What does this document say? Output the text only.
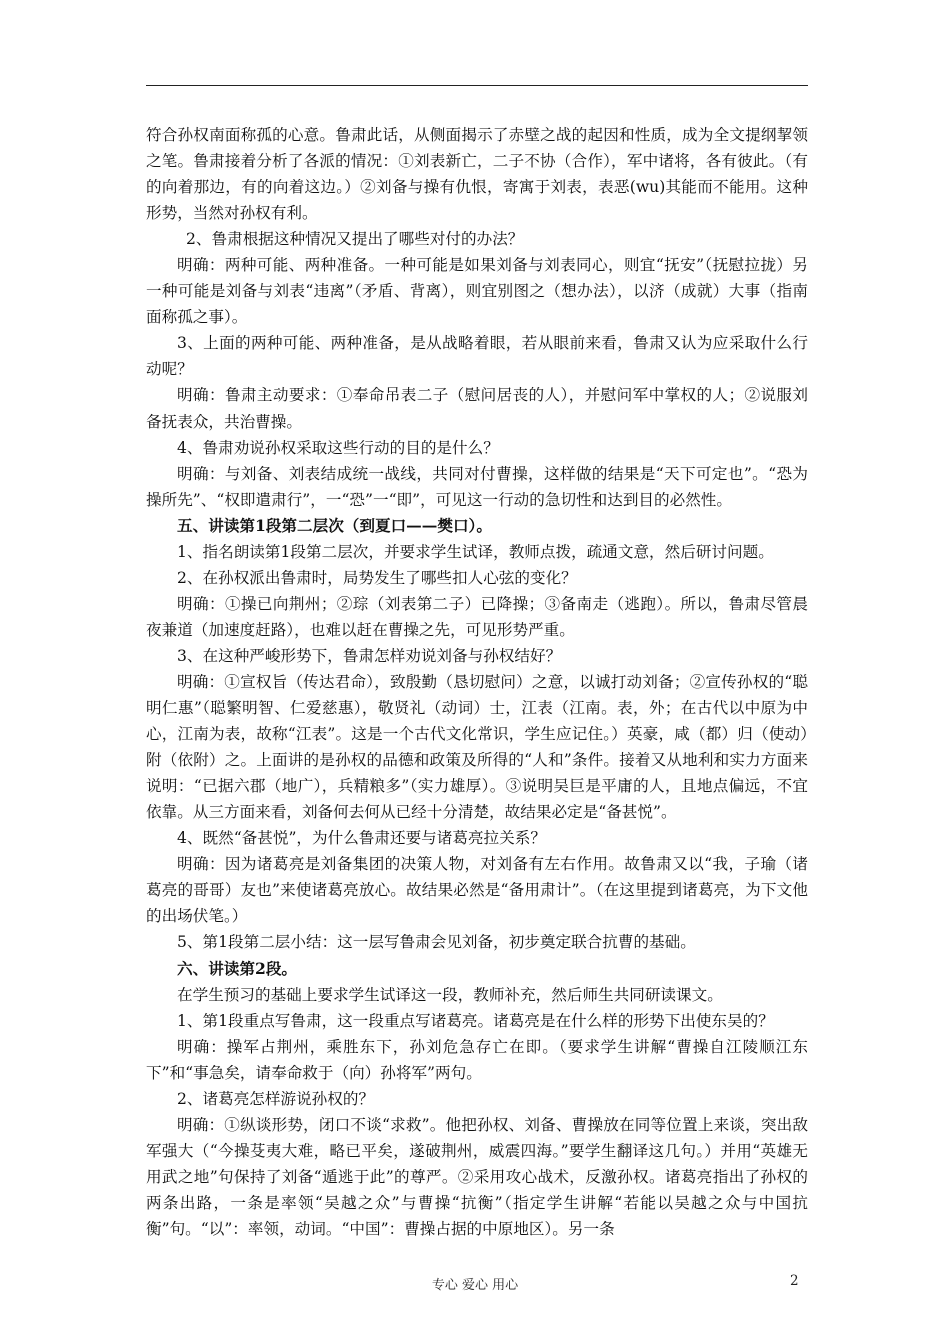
符合孙权南面称孤的心意。鲁肃此话，从侧面揭示了赤壁之战的起因和性质，成为全文提纲挈领之笔。鲁肃接着分析了各派的情况：①刘表新亡，二子不协（合作），军中诸将，各有彼此。（有的向着那边，有的向着这边。）②刘备与操有仇恨，寄寓于刘表，表恶(wu)其能而不能用。这种形势，当然对孙权有利。

2、鲁肃根据这种情况又提出了哪些对付的办法？

明确：两种可能、两种准备。一种可能是如果刘备与刘表同心，则宜“抚安”（抚慰拉拢）另一种可能是刘备与刘表“违离”（矛盾、背离），则宜别图之（想办法），以济（成就）大事（指南面称孤之事）。

3、上面的两种可能、两种准备，是从战略着眼，若从眼前来看，鲁肃又认为应采取什么行动呢？

明确：鲁肃主动要求：①奉命吊表二子（慰问居丧的人），并慰问军中掌权的人；②说服刘备抚表众，共治曹操。

4、鲁肃劝说孙权采取这些行动的目的是什么？

明确：与刘备、刘表结成统一战线，共同对付曹操，这样做的结果是“天下可定也”。“恐为操所先”、“权即遣肃行”，一“恐”一“即”，可见这一行动的急切性和达到目的必然性。

五、讲读第1段第二层次（到夏口——樊口）。

1、指名朗读第1段第二层次，并要求学生试译，教师点拨，疏通文意，然后研讨问题。

2、在孙权派出鲁肃时，局势发生了哪些扣人心弦的变化？

明确：①操已向荆州；②琮（刘表第二子）已降操；③备南走（逃跑）。所以，鲁肃尽管晨夜兼道（加速度赶路），也难以赶在曹操之先，可见形势严重。

3、在这种严峻形势下，鲁肃怎样劝说刘备与孙权结好？

明确：①宣权旨（传达君命），致殷勤（恳切慰问）之意，以诚打动刘备；②宣传孙权的“聪明仁惠”（聪繁明智、仁爱慈惠），敬贤礼（动词）士，江表（江南。表，外；在古代以中原为中心，江南为表，故称“江表”。这是一个古代文化常识，学生应记住。）英豪，咸（都）归（使动）附（依附）之。上面讲的是孙权的品德和政策及所得的“人和”条件。接着又从地利和实力方面来说明：“已据六郡（地广），兵精粮多”（实力雄厚）。③说明吴巨是平庸的人，且地点偏远，不宜依靠。从三方面来看，刘备何去何从已经十分清楚，故结果必定是“备甚悦”。

4、既然“备甚悦”，为什么鲁肃还要与诸葛亮拉关系？

明确：因为诸葛亮是刘备集团的决策人物，对刘备有左右作用。故鲁肃又以“我，子瑜（诸葛亮的哥哥）友也”来使诸葛亮放心。故结果必然是“备用肃计”。（在这里提到诸葛亮，为下文他的出场伏笔。）

5、第1段第二层小结：这一层写鲁肃会见刘备，初步奠定联合抗曹的基础。

六、讲读第2段。

在学生预习的基础上要求学生试译这一段，教师补充，然后师生共同研读课文。

1、第1段重点写鲁肃，这一段重点写诸葛亮。诸葛亮是在什么样的形势下出使东吴的？

明确：操军占荆州，乘胜东下，孙刘危急存亡在即。（要求学生讲解“曹操自江陵顺江东下”和“事急矣，请奉命救于（向）孙将军”两句。

2、诸葛亮怎样游说孙权的？

明确：①纵谈形势，闭口不谈“求救”。他把孙权、刘备、曹操放在同等位置上来谈，突出敌军强大（“今操芟夷大难，略已平矣，遂破荆州，威震四海。”要学生翻译这几句。）并用“英雄无用武之地”句保持了刘备“遁逃于此”的尊严。②采用攻心战术，反激孙权。诸葛亮指出了孙权的两条出路，一条是率领“吴越之众”与曹操“抗衡”（指定学生讲解“若能以吴越之众与中国抗衡”句。“以”：率领，动词。“中国”：曹操占据的中原地区）。另一条

专心 爱心 用心	2
